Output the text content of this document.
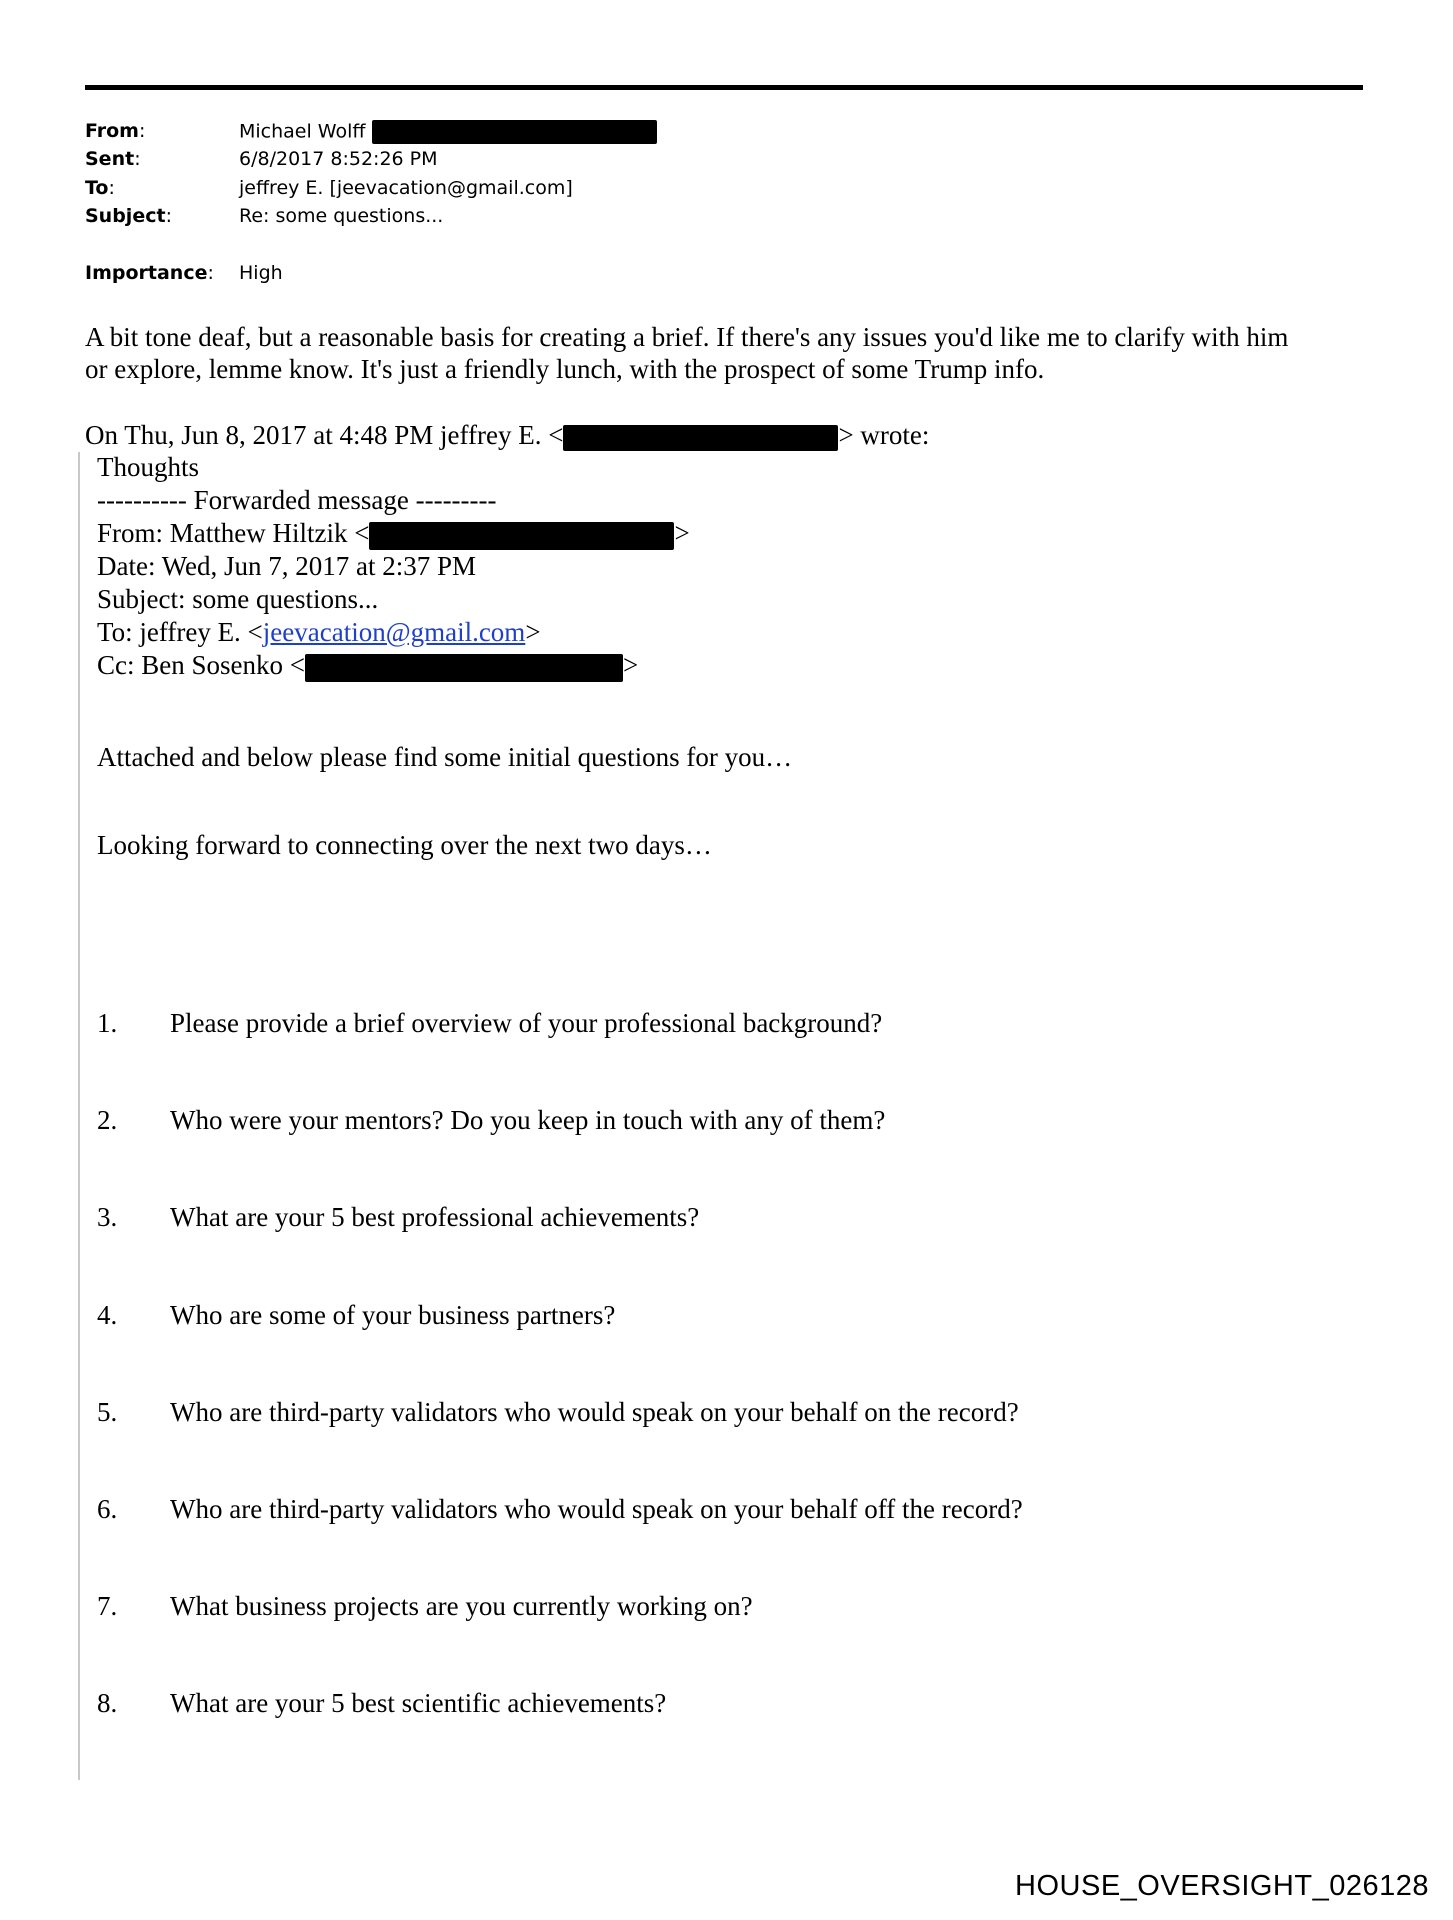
From:	Michael Wolff
Sent:	6/8/2017 8:52:26 PM
To:	jeffrey E. [jeevacation@gmail.com]
Subject:	Re: some questions...
Importance:	High
A bit tone deaf, but a reasonable basis for creating a brief. If there's any issues you'd like me to clarify with him
or explore, lemme know. It's just a friendly lunch, with the prospect of some Trump info.
On Thu, Jun 8, 2017 at 4:48 PM jeffrey E. <	> wrote:
Thoughts
---------- Forwarded message ---------
From: Matthew Hiltzik <	>
Date: Wed, Jun 7, 2017 at 2:37 PM
Subject: some questions...
To: jeffrey E. <jeevacation@gmail.com>
Cc: Ben Sosenko <	>
Attached and below please find some initial questions for you…
Looking forward to connecting over the next two days…
1. Please provide a brief overview of your professional background?
2. Who were your mentors? Do you keep in touch with any of them?
3. What are your 5 best professional achievements?
4. Who are some of your business partners?
5. Who are third-party validators who would speak on your behalf on the record?
6. Who are third-party validators who would speak on your behalf off the record?
7. What business projects are you currently working on?
8. What are your 5 best scientific achievements?
HOUSE_OVERSIGHT_026128
